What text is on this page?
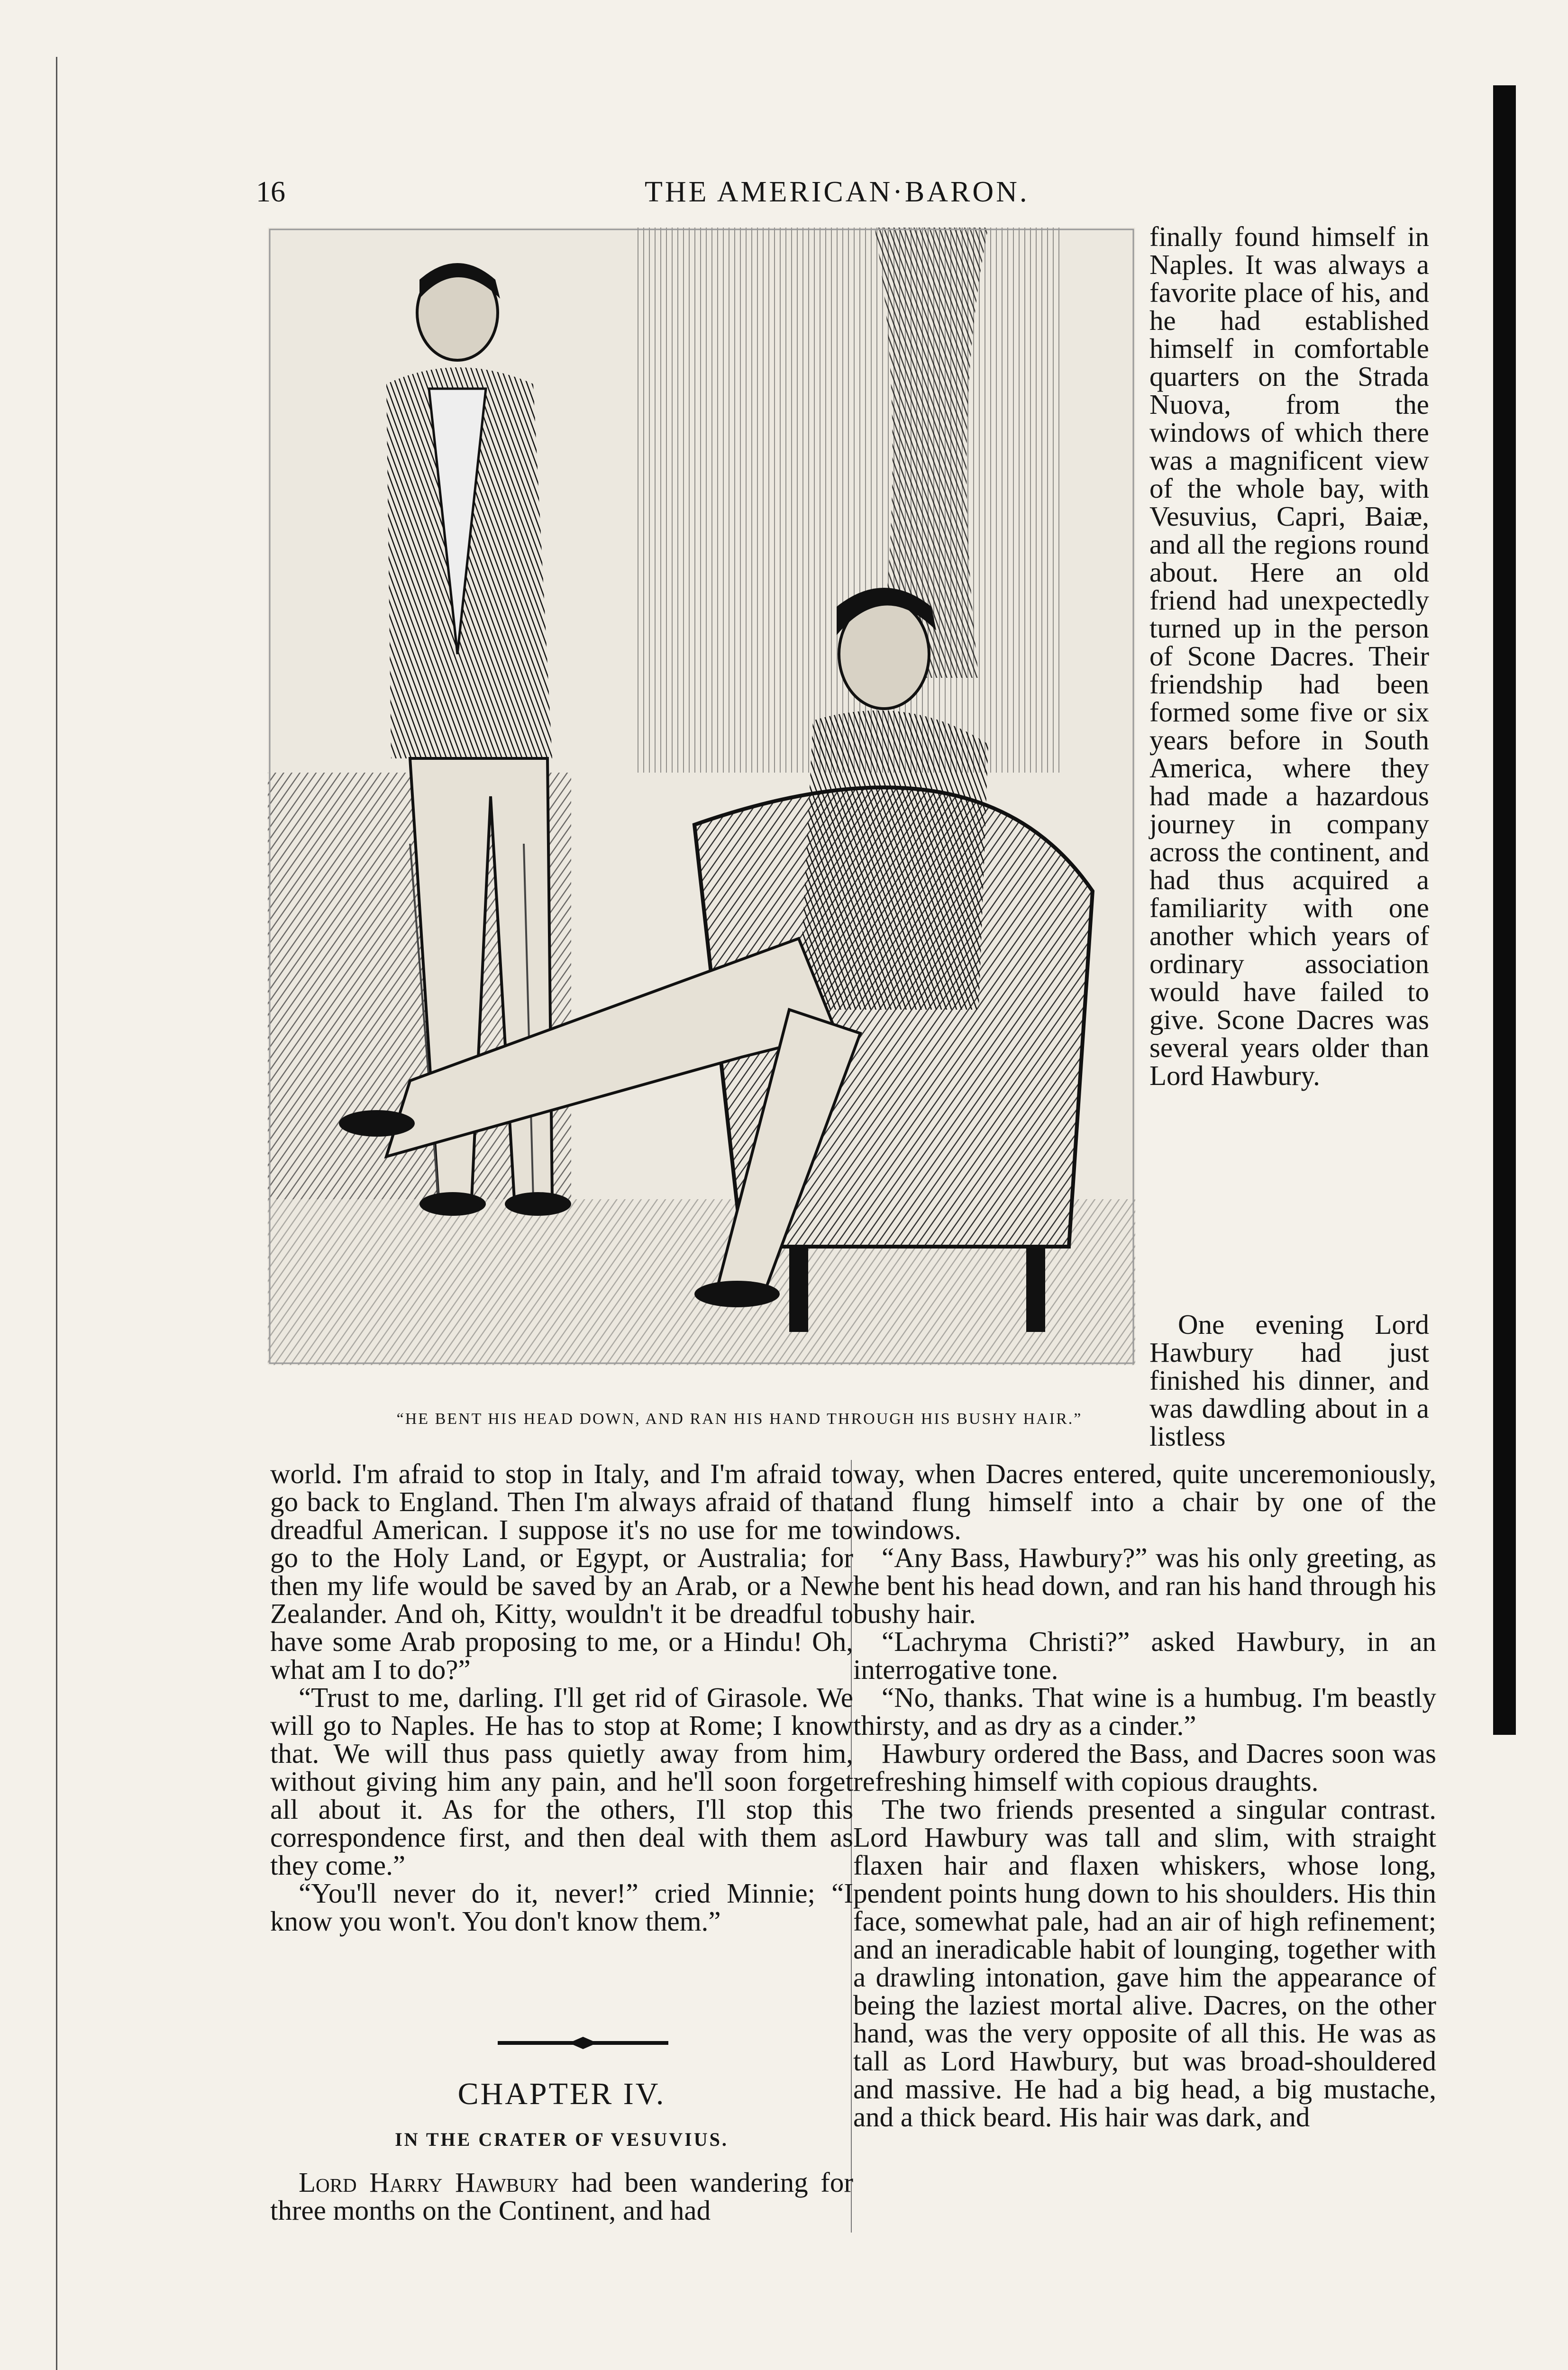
16	THE AMERICAN·BARON.
“HE BENT HIS HEAD DOWN, AND RAN HIS HAND THROUGH HIS BUSHY HAIR.”

finally found himself in Naples. It was always a favorite place of his, and he had established himself in comfortable quarters on the Strada Nuova, from the windows of which there was a magnificent view of the whole bay, with Vesuvius, Capri, Baiæ, and all the regions round about. Here an old friend had unexpectedly turned up in the person of Scone Dacres. Their friendship had been formed some five or six years before in South America, where they had made a hazardous journey in company across the continent, and had thus acquired a familiarity with one another which years of ordinary association would have failed to give. Scone Dacres was several years older than Lord Hawbury.

One evening Lord Hawbury had just finished his dinner, and was dawdling about in a listless

world. I'm afraid to stop in Italy, and I'm afraid to go back to England. Then I'm always afraid of that dreadful American. I suppose it's no use for me to go to the Holy Land, or Egypt, or Australia; for then my life would be saved by an Arab, or a New Zealander. And oh, Kitty, wouldn't it be dreadful to have some Arab proposing to me, or a Hindu! Oh, what am I to do?”

“Trust to me, darling. I'll get rid of Girasole. We will go to Naples. He has to stop at Rome; I know that. We will thus pass quietly away from him, without giving him any pain, and he'll soon forget all about it. As for the others, I'll stop this correspondence first, and then deal with them as they come.”

“You'll never do it, never!” cried Minnie; “I know you won't. You don't know them.”

CHAPTER IV.
IN THE CRATER OF VESUVIUS.

Lord Harry Hawbury had been wandering for three months on the Continent, and had

way, when Dacres entered, quite unceremoniously, and flung himself into a chair by one of the windows.

“Any Bass, Hawbury?” was his only greeting, as he bent his head down, and ran his hand through his bushy hair.

“Lachryma Christi?” asked Hawbury, in an interrogative tone.

“No, thanks. That wine is a humbug. I'm beastly thirsty, and as dry as a cinder.”

Hawbury ordered the Bass, and Dacres soon was refreshing himself with copious draughts.

The two friends presented a singular contrast. Lord Hawbury was tall and slim, with straight flaxen hair and flaxen whiskers, whose long, pendent points hung down to his shoulders. His thin face, somewhat pale, had an air of high refinement; and an ineradicable habit of lounging, together with a drawling intonation, gave him the appearance of being the laziest mortal alive. Dacres, on the other hand, was the very opposite of all this. He was as tall as Lord Hawbury, but was broad-shouldered and massive. He had a big head, a big mustache, and a thick beard. His hair was dark, and
